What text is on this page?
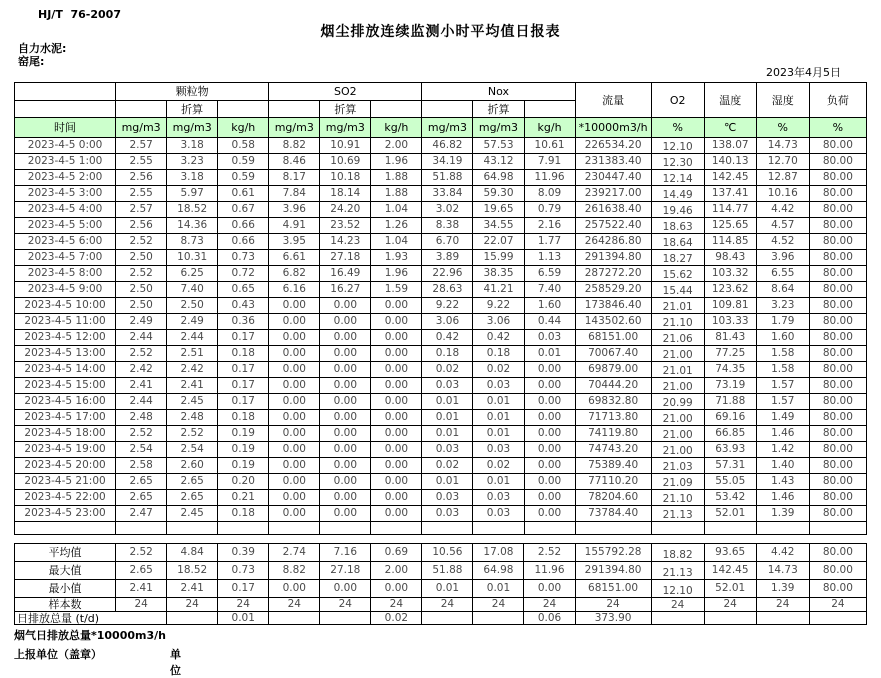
HJ/T  76-2007
烟尘排放连续监测小时平均值日报表
自力水泥:
窑尾:
2023年4月5日
	颗粒物			SO2			Nox			流量	O2	温度	湿度	负荷
		折算			折算			折算						
时间	mg/m3	mg/m3	kg/h	mg/m3	mg/m3	kg/h	mg/m3	mg/m3	kg/h	*10000m3/h	%	℃	%	%
2023-4-5 0:00	2.57	3.18	0.58	8.82	10.91	2.00	46.82	57.53	10.61	226534.20	12.10	138.07	14.73	80.00
2023-4-5 1:00	2.55	3.23	0.59	8.46	10.69	1.96	34.19	43.12	7.91	231383.40	12.30	140.13	12.70	80.00
2023-4-5 2:00	2.56	3.18	0.59	8.17	10.18	1.88	51.88	64.98	11.96	230447.40	12.14	142.45	12.87	80.00
2023-4-5 3:00	2.55	5.97	0.61	7.84	18.14	1.88	33.84	59.30	8.09	239217.00	14.49	137.41	10.16	80.00
2023-4-5 4:00	2.57	18.52	0.67	3.96	24.20	1.04	3.02	19.65	0.79	261638.40	19.46	114.77	4.42	80.00
2023-4-5 5:00	2.56	14.36	0.66	4.91	23.52	1.26	8.38	34.55	2.16	257522.40	18.63	125.65	4.57	80.00
2023-4-5 6:00	2.52	8.73	0.66	3.95	14.23	1.04	6.70	22.07	1.77	264286.80	18.64	114.85	4.52	80.00
2023-4-5 7:00	2.50	10.31	0.73	6.61	27.18	1.93	3.89	15.99	1.13	291394.80	18.27	98.43	3.96	80.00
2023-4-5 8:00	2.52	6.25	0.72	6.82	16.49	1.96	22.96	38.35	6.59	287272.20	15.62	103.32	6.55	80.00
2023-4-5 9:00	2.50	7.40	0.65	6.16	16.27	1.59	28.63	41.21	7.40	258529.20	15.44	123.62	8.64	80.00
2023-4-5 10:00	2.50	2.50	0.43	0.00	0.00	0.00	9.22	9.22	1.60	173846.40	21.01	109.81	3.23	80.00
2023-4-5 11:00	2.49	2.49	0.36	0.00	0.00	0.00	3.06	3.06	0.44	143502.60	21.10	103.33	1.79	80.00
2023-4-5 12:00	2.44	2.44	0.17	0.00	0.00	0.00	0.42	0.42	0.03	68151.00	21.06	81.43	1.60	80.00
2023-4-5 13:00	2.52	2.51	0.18	0.00	0.00	0.00	0.18	0.18	0.01	70067.40	21.00	77.25	1.58	80.00
2023-4-5 14:00	2.42	2.42	0.17	0.00	0.00	0.00	0.02	0.02	0.00	69879.00	21.01	74.35	1.58	80.00
2023-4-5 15:00	2.41	2.41	0.17	0.00	0.00	0.00	0.03	0.03	0.00	70444.20	21.00	73.19	1.57	80.00
2023-4-5 16:00	2.44	2.45	0.17	0.00	0.00	0.00	0.01	0.01	0.00	69832.80	20.99	71.88	1.57	80.00
2023-4-5 17:00	2.48	2.48	0.18	0.00	0.00	0.00	0.01	0.01	0.00	71713.80	21.00	69.16	1.49	80.00
2023-4-5 18:00	2.52	2.52	0.19	0.00	0.00	0.00	0.01	0.01	0.00	74119.80	21.00	66.85	1.46	80.00
2023-4-5 19:00	2.54	2.54	0.19	0.00	0.00	0.00	0.03	0.03	0.00	74743.20	21.00	63.93	1.42	80.00
2023-4-5 20:00	2.58	2.60	0.19	0.00	0.00	0.00	0.02	0.02	0.00	75389.40	21.03	57.31	1.40	80.00
2023-4-5 21:00	2.65	2.65	0.20	0.00	0.00	0.00	0.01	0.01	0.00	77110.20	21.09	55.05	1.43	80.00
2023-4-5 22:00	2.65	2.65	0.21	0.00	0.00	0.00	0.03	0.03	0.00	78204.60	21.10	53.42	1.46	80.00
2023-4-5 23:00	2.47	2.45	0.18	0.00	0.00	0.00	0.03	0.03	0.00	73784.40	21.13	52.01	1.39	80.00

平均值	2.52	4.84	0.39	2.74	7.16	0.69	10.56	17.08	2.52	155792.28	18.82	93.65	4.42	80.00
最大值	2.65	18.52	0.73	8.82	27.18	2.00	51.88	64.98	11.96	291394.80	21.13	142.45	14.73	80.00
最小值	2.41	2.41	0.17	0.00	0.00	0.00	0.01	0.01	0.00	68151.00	12.10	52.01	1.39	80.00
样本数	24	24	24	24	24	24	24	24	24	24	24	24	24	24
日排放总量 (t/d)			0.01			0.02			0.06	373.90				
烟气日排放总量*10000m3/h
上报单位（盖章）	单位
